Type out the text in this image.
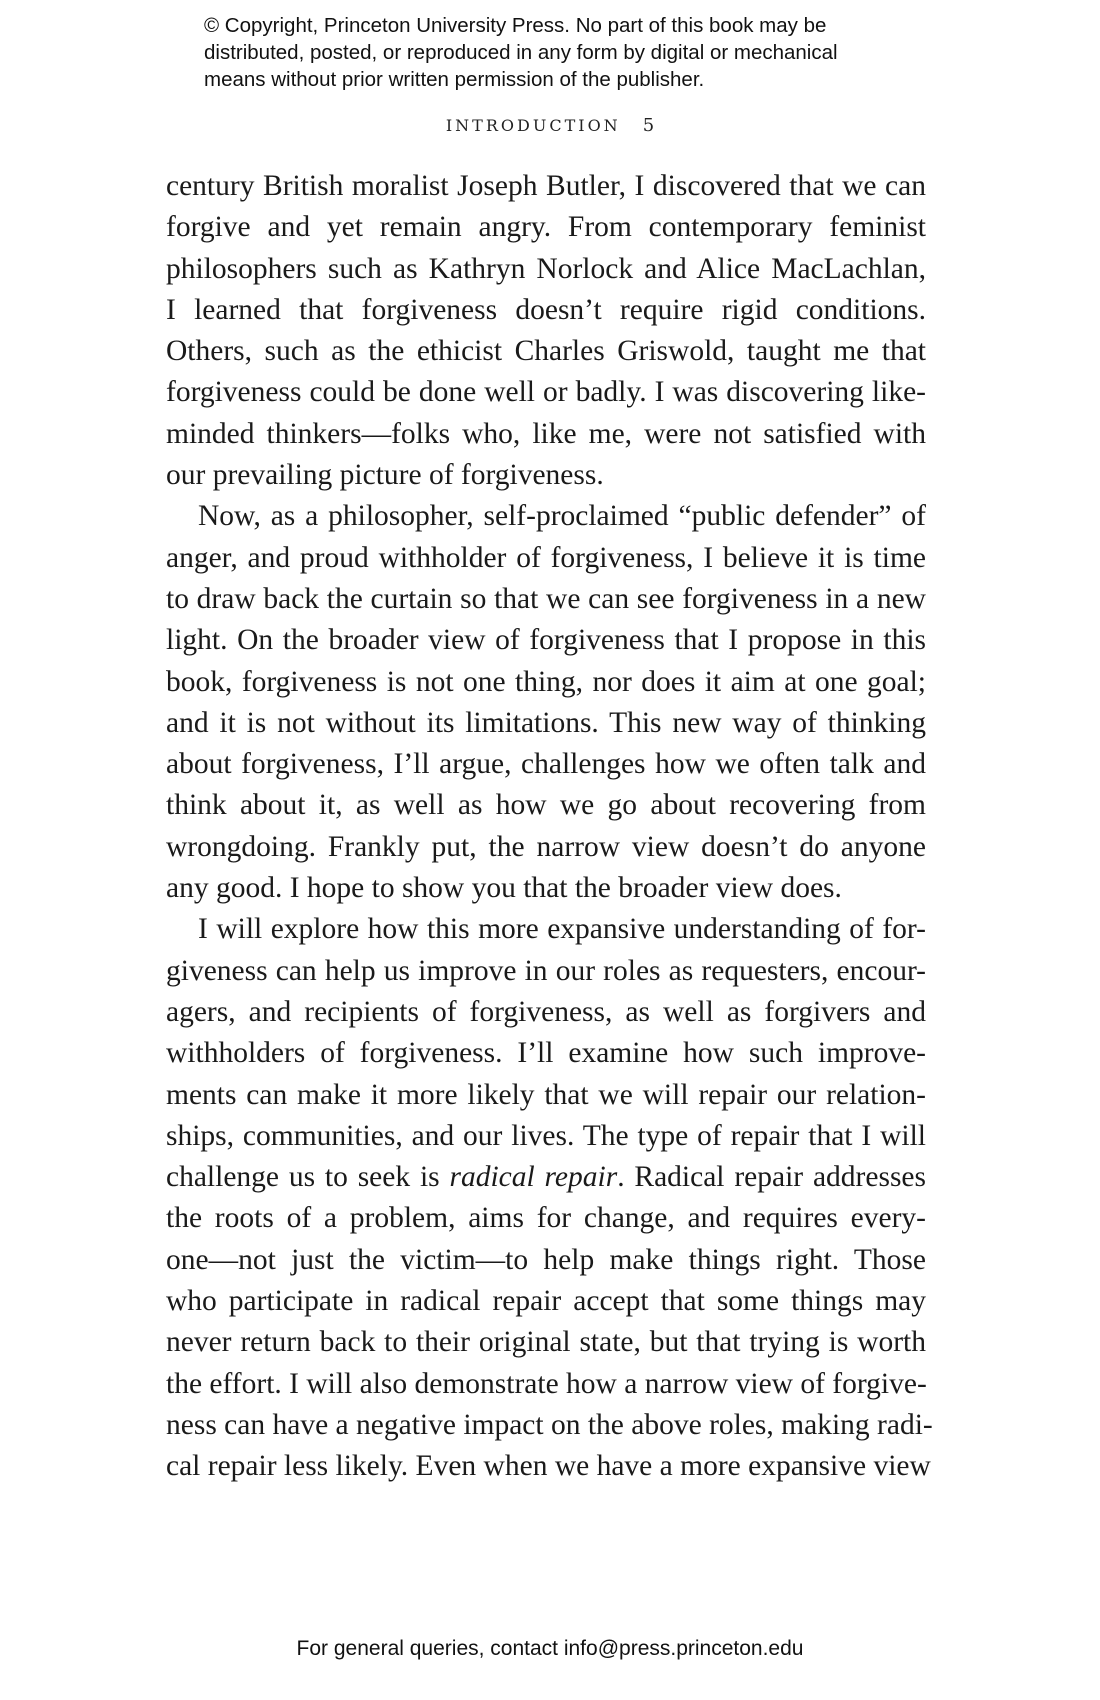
© Copyright, Princeton University Press. No part of this book may be
distributed, posted, or reproduced in any form by digital or mechanical
means without prior written permission of the publisher.
INTRODUCTION 5
century British moralist Joseph Butler, I discovered that we can
forgive and yet remain angry. From contemporary feminist
philosophers such as Kathryn Norlock and Alice MacLachlan,
I learned that forgiveness doesn’t require rigid conditions.
Others, such as the ethicist Charles Griswold, taught me that
forgiveness could be done well or badly. I was discovering like-
minded thinkers—folks who, like me, were not satisfied with
our prevailing picture of forgiveness.
Now, as a philosopher, self-proclaimed “public defender” of
anger, and proud withholder of forgiveness, I believe it is time
to draw back the curtain so that we can see forgiveness in a new
light. On the broader view of forgiveness that I propose in this
book, forgiveness is not one thing, nor does it aim at one goal;
and it is not without its limitations. This new way of thinking
about forgiveness, I’ll argue, challenges how we often talk and
think about it, as well as how we go about recovering from
wrongdoing. Frankly put, the narrow view doesn’t do anyone
any good. I hope to show you that the broader view does.
I will explore how this more expansive understanding of for-
giveness can help us improve in our roles as requesters, encour-
agers, and recipients of forgiveness, as well as forgivers and
withholders of forgiveness. I’ll examine how such improve-
ments can make it more likely that we will repair our relation-
ships, communities, and our lives. The type of repair that I will
challenge us to seek is radical repair. Radical repair addresses
the roots of a problem, aims for change, and requires every-
one—not just the victim—to help make things right. Those
who participate in radical repair accept that some things may
never return back to their original state, but that trying is worth
the effort. I will also demonstrate how a narrow view of forgive-
ness can have a negative impact on the above roles, making radi-
cal repair less likely. Even when we have a more expansive view
For general queries, contact info@press.princeton.edu
